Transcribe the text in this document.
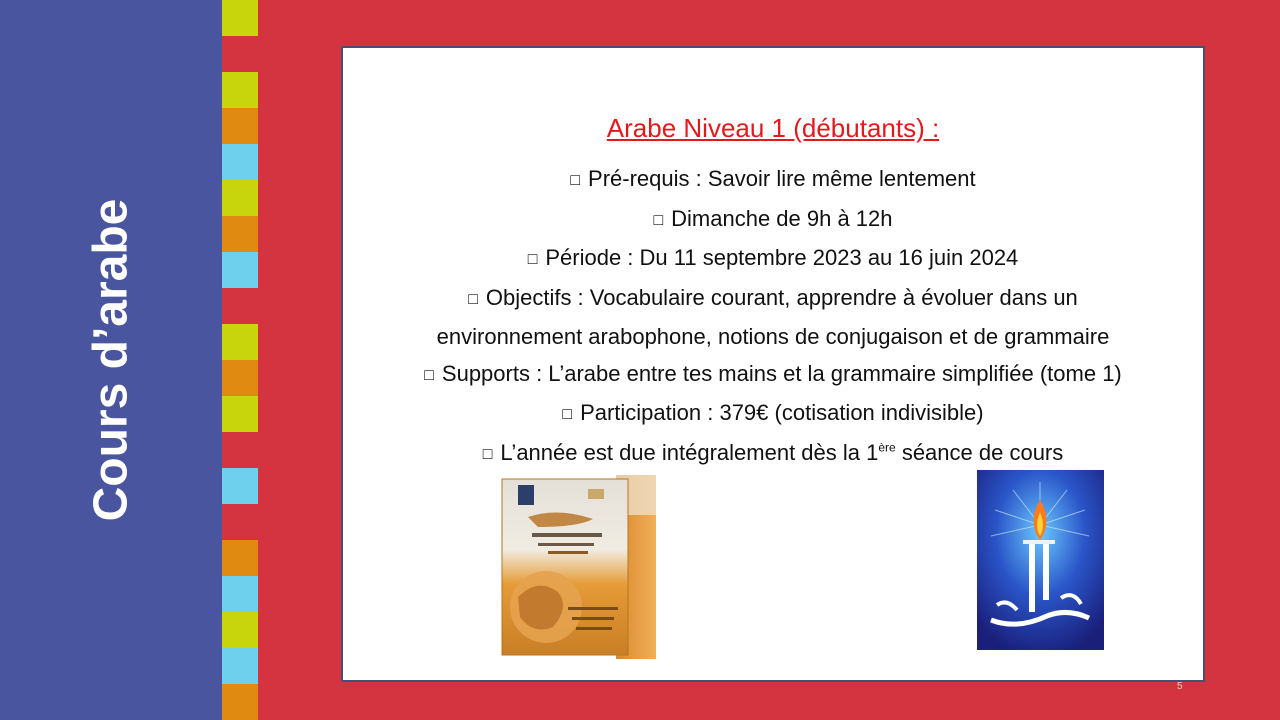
Cours d’arabe
Arabe Niveau 1 (débutants) :
□ Pré-requis : Savoir lire même lentement
□ Dimanche de 9h à 12h
□ Période : Du 11 septembre 2023 au 16 juin 2024
□ Objectifs : Vocabulaire courant, apprendre à évoluer dans un
environnement arabophone, notions de conjugaison et de grammaire
□ Supports : L’arabe entre tes mains et la grammaire simplifiée (tome 1)
□ Participation : 379€ (cotisation indivisible)
□ L’année est due intégralement dès la 1ère séance de cours
5
